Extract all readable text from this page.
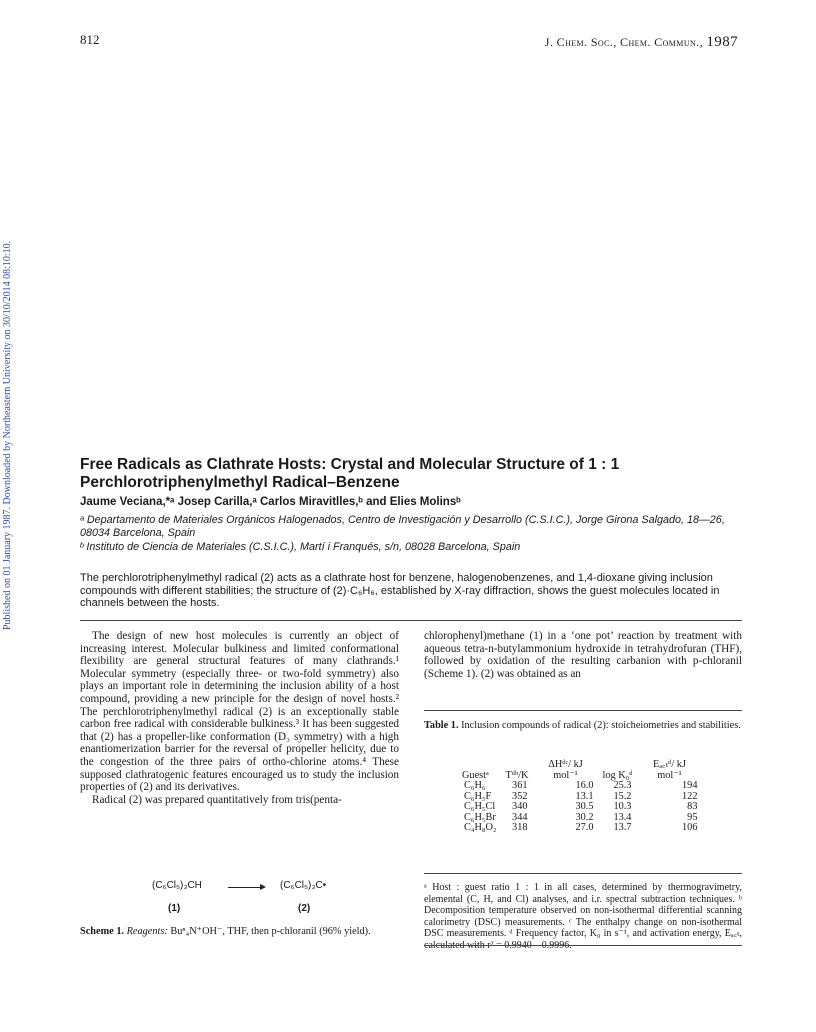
Published on 01 January 1987. Downloaded by Northeastern University on 30/10/2014 08:10:10.
812	J. Chem. Soc., Chem. Commun., 1987
Free Radicals as Clathrate Hosts: Crystal and Molecular Structure of 1 : 1 Perchlorotriphenylmethyl Radical–Benzene
Jaume Veciana,*ᵃ Josep Carilla,ᵃ Carlos Miravitlles,ᵇ and Elies Molinsᵇ
ᵃ Departamento de Materiales Orgánicos Halogenados, Centro de Investigación y Desarrollo (C.S.I.C.), Jorge Girona Salgado, 18—26, 08034 Barcelona, Spain
ᵇ Instituto de Ciencia de Materiales (C.S.I.C.), Martí i Franqués, s/n, 08028 Barcelona, Spain
The perchlorotriphenylmethyl radical (2) acts as a clathrate host for benzene, halogenobenzenes, and 1,4-dioxane giving inclusion compounds with different stabilities; the structure of (2)·C₆H₆, established by X-ray diffraction, shows the guest molecules located in channels between the hosts.
The design of new host molecules is currently an object of increasing interest. Molecular bulkiness and limited conformational flexibility are general structural features of many clathrands.¹ Molecular symmetry (especially three- or two-fold symmetry) also plays an important role in determining the inclusion ability of a host compound, providing a new principle for the design of novel hosts.² The perchlorotriphenylmethyl radical (2) is an exceptionally stable carbon free radical with considerable bulkiness.³ It has been suggested that (2) has a propeller-like conformation (D₃ symmetry) with a high enantiomerization barrier for the reversal of propeller helicity, due to the congestion of the three pairs of ortho-chlorine atoms.⁴ These supposed clathratogenic features encouraged us to study the inclusion properties of (2) and its derivatives.
Radical (2) was prepared quantitatively from tris(penta-
(C₆Cl₅)₃CH → (C₆Cl₅)₃C•
(1)	(2)
Scheme 1. Reagents: Buⁿ₄N⁺OH⁻, THF, then p-chloranil (96% yield).
chlorophenyl)methane (1) in a ‘one pot’ reaction by treatment with aqueous tetra-n-butylammonium hydroxide in tetrahydrofuran (THF), followed by oxidation of the resulting carbanion with p-chloranil (Scheme 1). (2) was obtained as an
Table 1. Inclusion compounds of radical (2): stoicheiometries and stabilities.
Guestᵃ	Tᵈᵇ/K	ΔHᵈᶜ/ kJ mol⁻¹	log K₀ᵈ	Eₐ꜀ₜᵈ/ kJ mol⁻¹
C₆H₆	361	16.0	25.3	194
C₆H₅F	352	13.1	15.2	122
C₆H₅Cl	340	30.5	10.3	83
C₆H₅Br	344	30.2	13.4	95
C₄H₈O₂	318	27.0	13.7	106
ᵃ Host : guest ratio 1 : 1 in all cases, determined by thermogravimetry, elemental (C, H, and Cl) analyses, and i.r. spectral subtraction techniques. ᵇ Decomposition temperature observed on non-isothermal differential scanning calorimetry (DSC) measurements. ᶜ The enthalpy change on non-isothermal DSC measurements. ᵈ Frequency factor, K₀ in s⁻¹, and activation energy, Eₐ꜀ₜ, calculated with r² = 0.9940—0.9996.
